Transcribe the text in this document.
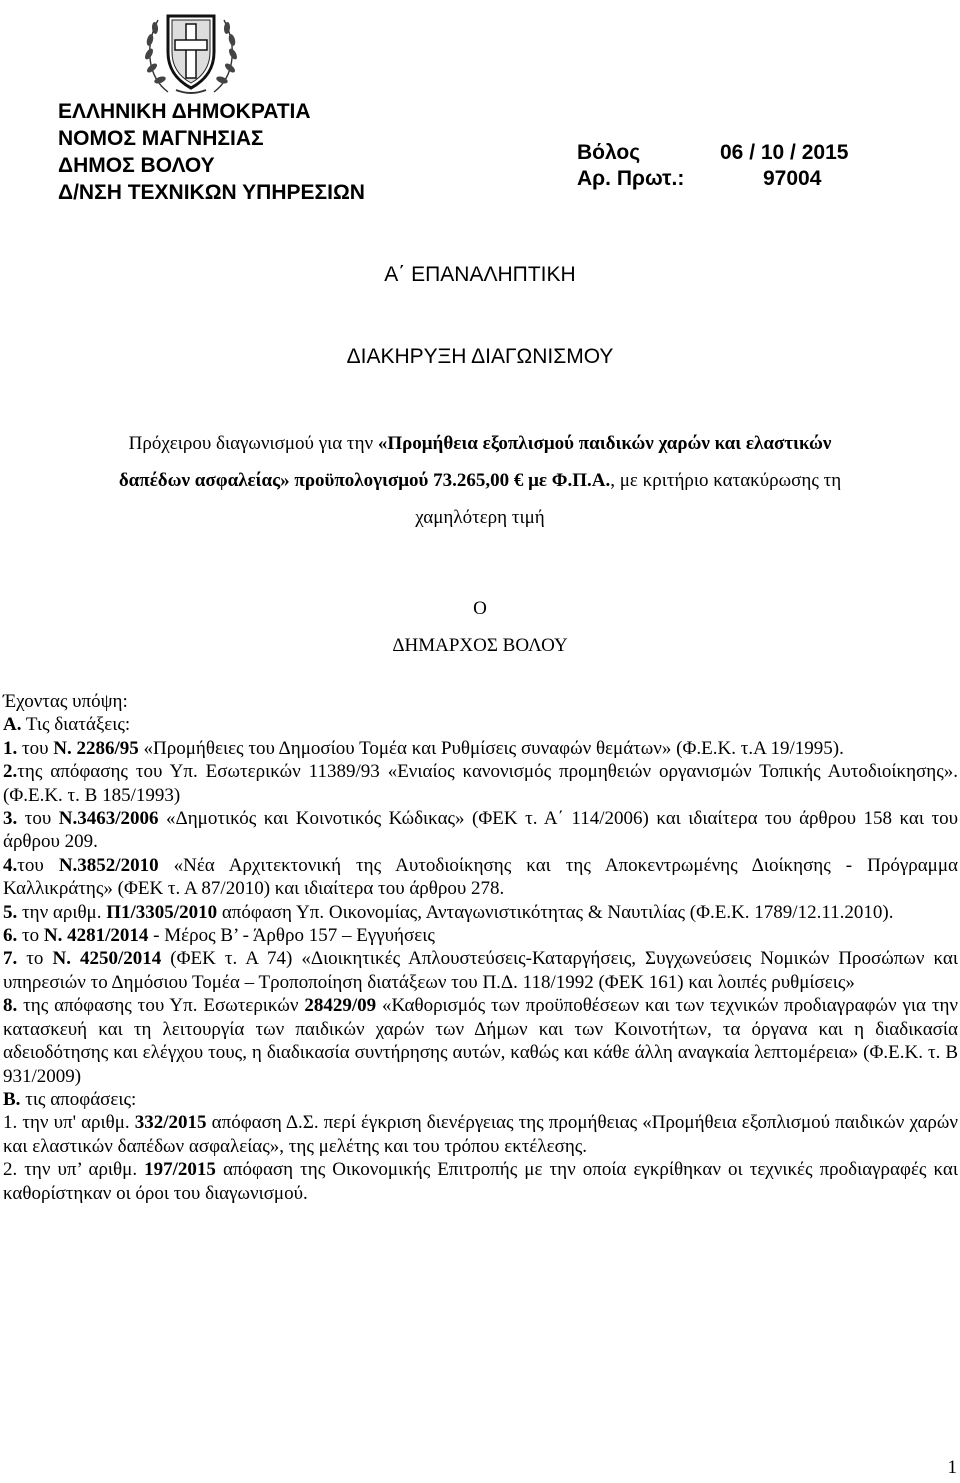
ΕΛΛΗΝΙΚΗ ΔΗΜΟΚΡΑΤΙΑ
ΝΟΜΟΣ ΜΑΓΝΗΣΙΑΣ
ΔΗΜΟΣ ΒΟΛΟΥ
Δ/ΝΣΗ ΤΕΧΝΙΚΩΝ ΥΠΗΡΕΣΙΩΝ
Βόλος	06 / 10 / 2015
Αρ. Πρωτ.:	97004
Α΄ ΕΠΑΝΑΛΗΠΤΙΚΗ
ΔΙΑΚΗΡΥΞΗ ΔΙΑΓΩΝΙΣΜΟΥ
Πρόχειρου διαγωνισμού για την «Προμήθεια εξοπλισμού παιδικών χαρών και ελαστικών
δαπέδων ασφαλείας» προϋπολογισμού 73.265,00 € με Φ.Π.Α., με κριτήριο κατακύρωσης τη
χαμηλότερη τιμή
Ο
ΔΗΜΑΡΧΟΣ ΒΟΛΟΥ

Έχοντας υπόψη:

Α. Τις διατάξεις:

1. του Ν. 2286/95 «Προμήθειες του Δημοσίου Τομέα και Ρυθμίσεις συναφών θεμάτων» (Φ.Ε.Κ. τ.Α 19/1995).

2.της απόφασης του Υπ. Εσωτερικών 11389/93 «Ενιαίος κανονισμός προμηθειών οργανισμών Τοπικής Αυτοδιοίκησης». (Φ.Ε.Κ. τ. Β 185/1993)

3. του Ν.3463/2006 «Δημοτικός και Κοινοτικός Κώδικας» (ΦΕΚ τ. Α΄ 114/2006) και ιδιαίτερα του άρθρου 158 και του άρθρου 209.

4.του Ν.3852/2010 «Νέα Αρχιτεκτονική της Αυτοδιοίκησης και της Αποκεντρωμένης Διοίκησης - Πρόγραμμα Καλλικράτης» (ΦΕΚ τ. Α 87/2010) και ιδιαίτερα του άρθρου 278.

5. την αριθμ. Π1/3305/2010 απόφαση Υπ. Οικονομίας, Ανταγωνιστικότητας & Ναυτιλίας (Φ.Ε.Κ. 1789/12.11.2010).

6. το Ν. 4281/2014 - Μέρος Β’ - Άρθρο 157 – Εγγυήσεις

7. το Ν. 4250/2014 (ΦΕΚ τ. Α 74) «Διοικητικές Απλουστεύσεις-Καταργήσεις, Συγχωνεύσεις Νομικών Προσώπων και υπηρεσιών το Δημόσιου Τομέα – Τροποποίηση διατάξεων του Π.Δ. 118/1992 (ΦΕΚ 161) και λοιπές ρυθμίσεις»

8. της απόφασης του Υπ. Εσωτερικών 28429/09 «Καθορισμός των προϋποθέσεων και των τεχνικών προδιαγραφών για την κατασκευή και τη λειτουργία των παιδικών χαρών των Δήμων και των Κοινοτήτων, τα όργανα και η διαδικασία αδειοδότησης και ελέγχου τους, η διαδικασία συντήρησης αυτών, καθώς και κάθε άλλη αναγκαία λεπτομέρεια» (Φ.Ε.Κ. τ. Β 931/2009)

Β. τις αποφάσεις:

1. την υπ' αριθμ. 332/2015 απόφαση Δ.Σ. περί έγκριση διενέργειας της προμήθειας «Προμήθεια εξοπλισμού παιδικών χαρών και ελαστικών δαπέδων ασφαλείας», της μελέτης και του τρόπου εκτέλεσης.

2. την υπ’ αριθμ. 197/2015 απόφαση της Οικονομικής Επιτροπής με την οποία εγκρίθηκαν οι τεχνικές προδιαγραφές και καθορίστηκαν οι όροι του διαγωνισμού.

1
